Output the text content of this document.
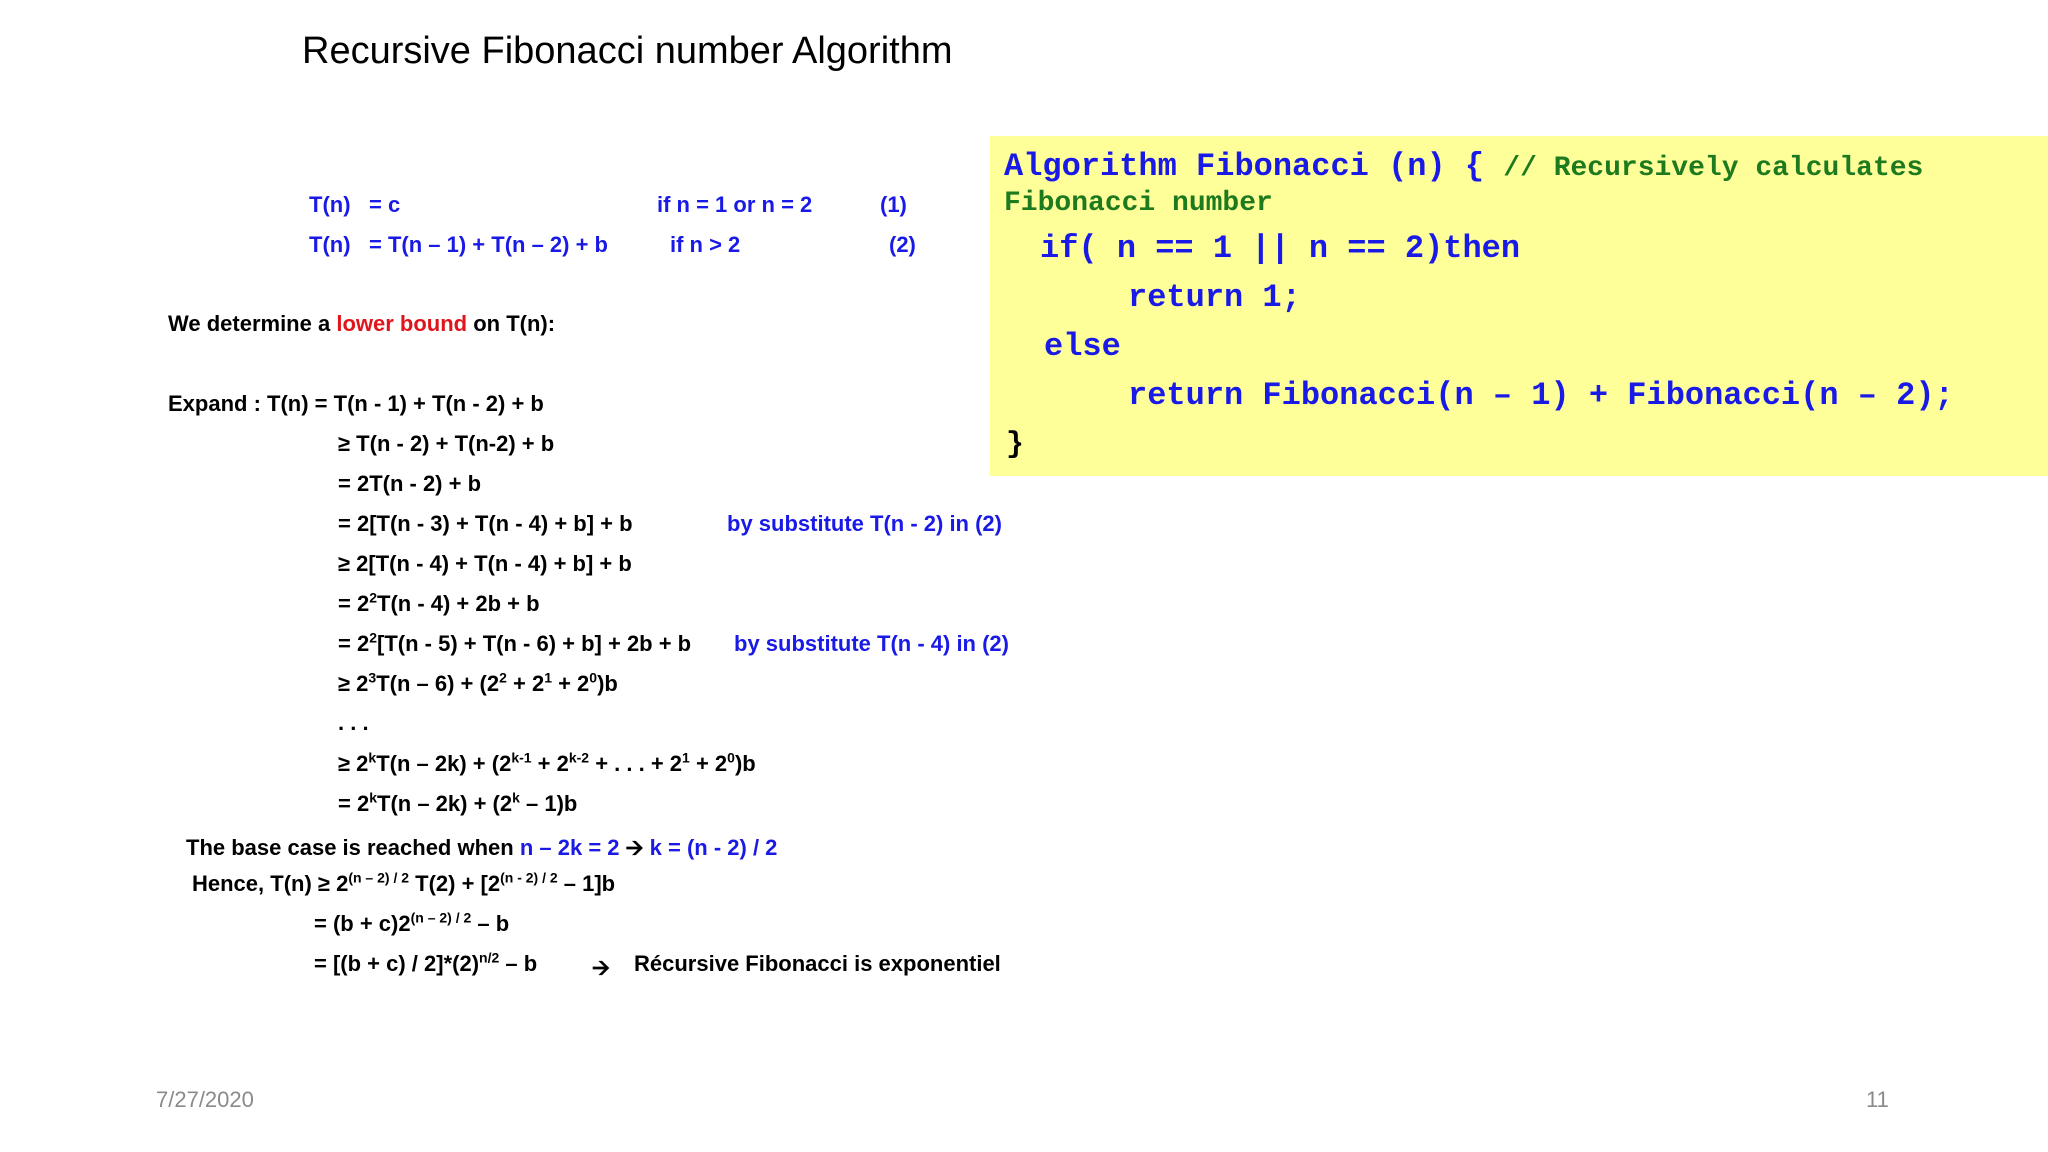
Recursive Fibonacci number Algorithm
T(n) = c	if n = 1 or n = 2	(1)
T(n) = T(n – 1) + T(n – 2) + b	if n > 2	(2)
We determine a lower bound on T(n):
Expand : T(n) = T(n - 1) + T(n - 2) + b
≥ T(n - 2) + T(n-2) + b
= 2T(n - 2) + b
= 2[T(n - 3) + T(n - 4) + b] + b	by substitute T(n - 2) in (2)
≥ 2[T(n - 4) + T(n - 4) + b] + b
= $2^2T(n - 4) + 2b + b$
= $2^2[T(n - 5) + T(n - 6) + b] + 2b + b$ by substitute T(n - 4) in (2)
≥ $2^3T(n - 6) + (2^2 + 2^1 + 2^0)b$
. . .
≥ $2^kT(n - 2k) + (2^{k-1} + 2^{k-2}$ + . . . + $2^1 + 2^0)b$
= $2^kT(n - 2k) + (2^k - 1)b$
The base case is reached when n – 2k = 2 🡪 k = (n - 2) / 2
Hence, $T(n) \ge 2^{(n - 2) / 2}$ $T(2) + [2^{(n - 2) / 2} - 1]b$
= $(b + c)2^{(n - 2) / 2} - b$
= $[(b + c) / 2]*(2)^{n/2} - b$ 🡪 Récursive Fibonacci is exponentiel
Algorithm Fibonacci (n) { // Recursively calculates
Fibonacci number
if( n == 1 || n == 2)then
return 1;
else
return Fibonacci(n – 1) + Fibonacci(n – 2);
}
7/27/2020	11
